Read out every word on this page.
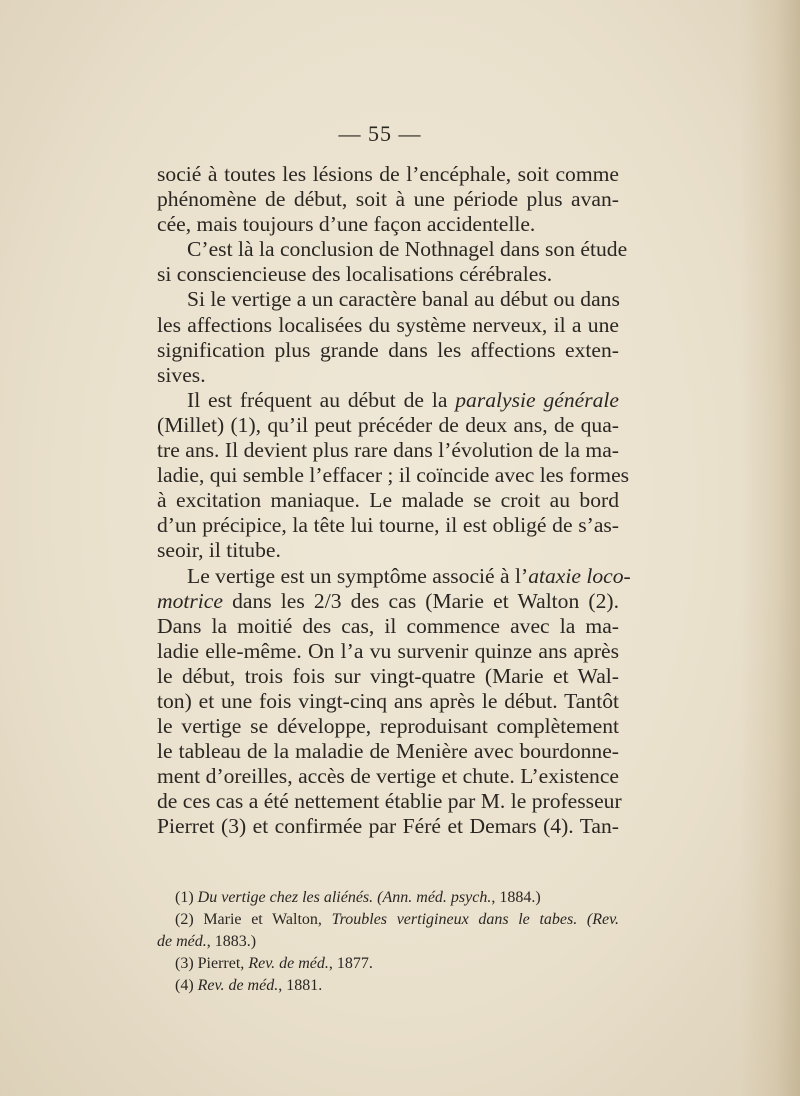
— 55 —
socié à toutes les lésions de l’encéphale, soit comme
phénomène de début, soit à une période plus avan-
cée, mais toujours d’une façon accidentelle.
C’est là la conclusion de Nothnagel dans son étude
si consciencieuse des localisations cérébrales.
Si le vertige a un caractère banal au début ou dans
les affections localisées du système nerveux, il a une
signification plus grande dans les affections exten-
sives.
Il est fréquent au début de la paralysie générale
(Millet) (1), qu’il peut précéder de deux ans, de qua-
tre ans. Il devient plus rare dans l’évolution de la ma-
ladie, qui semble l’effacer ; il coïncide avec les formes
à excitation maniaque. Le malade se croit au bord
d’un précipice, la tête lui tourne, il est obligé de s’as-
seoir, il titube.
Le vertige est un symptôme associé à l’ataxie loco-
motrice dans les 2/3 des cas (Marie et Walton (2).
Dans la moitié des cas, il commence avec la ma-
ladie elle-même. On l’a vu survenir quinze ans après
le début, trois fois sur vingt-quatre (Marie et Wal-
ton) et une fois vingt-cinq ans après le début. Tantôt
le vertige se développe, reproduisant complètement
le tableau de la maladie de Menière avec bourdonne-
ment d’oreilles, accès de vertige et chute. L’existence
de ces cas a été nettement établie par M. le professeur
Pierret (3) et confirmée par Féré et Demars (4). Tan-
(1) Du vertige chez les aliénés. (Ann. méd. psych., 1884.)
(2) Marie et Walton, Troubles vertigineux dans le tabes. (Rev.
de méd., 1883.)
(3) Pierret, Rev. de méd., 1877.
(4) Rev. de méd., 1881.
